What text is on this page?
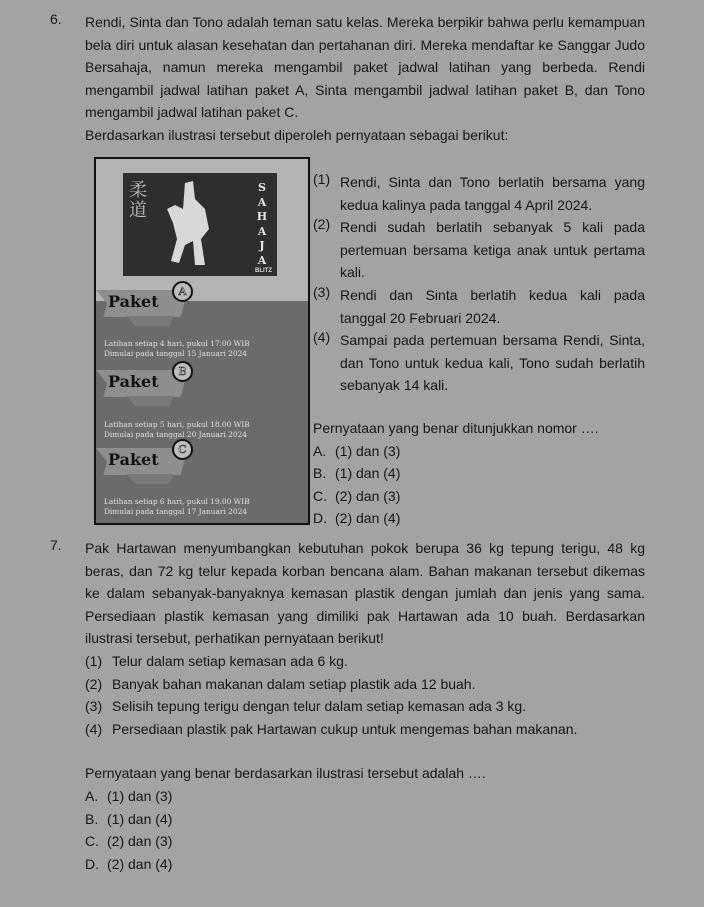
6. Rendi, Sinta dan Tono adalah teman satu kelas. Mereka berpikir bahwa perlu kemampuan
bela diri untuk alasan kesehatan dan pertahanan diri. Mereka mendaftar ke Sanggar Judo
Bersahaja, namun mereka mengambil paket jadwal latihan yang berbeda. Rendi
mengambil jadwal latihan paket A, Sinta mengambil jadwal latihan paket B, dan Tono
mengambil jadwal latihan paket C.
Berdasarkan ilustrasi tersebut diperoleh pernyataan sebagai berikut:
柔道
S
A
H
A
J
A
BLITZ
Paket
A
Latihan setiap 4 hari, pukul 17.00 WIB
Dimulai pada tanggal 15 Januari 2024
Paket
B
Latihan setiap 5 hari, pukul 18.00 WIB
Dimulai pada tanggal 20 Januari 2024
Paket
C
Latihan setiap 6 hari, pukul 19.00 WIB
Dimulai pada tanggal 17 Januari 2024
(1) Rendi, Sinta dan Tono berlatih bersama yang
kedua kalinya pada tanggal 4 April 2024.
(2) Rendi sudah berlatih sebanyak 5 kali pada
pertemuan bersama ketiga anak untuk pertama
kali.
(3) Rendi dan Sinta berlatih kedua kali pada
tanggal 20 Februari 2024.
(4) Sampai pada pertemuan bersama Rendi, Sinta,
dan Tono untuk kedua kali, Tono sudah berlatih
sebanyak 14 kali.
Pernyataan yang benar ditunjukkan nomor ….
A. (1) dan (3)
B. (1) dan (4)
C. (2) dan (3)
D. (2) dan (4)
7. Pak Hartawan menyumbangkan kebutuhan pokok berupa 36 kg tepung terigu, 48 kg
beras, dan 72 kg telur kepada korban bencana alam. Bahan makanan tersebut dikemas
ke dalam sebanyak-banyaknya kemasan plastik dengan jumlah dan jenis yang sama.
Persediaan plastik kemasan yang dimiliki pak Hartawan ada 10 buah. Berdasarkan
ilustrasi tersebut, perhatikan pernyataan berikut!
(1) Telur dalam setiap kemasan ada 6 kg.
(2) Banyak bahan makanan dalam setiap plastik ada 12 buah.
(3) Selisih tepung terigu dengan telur dalam setiap kemasan ada 3 kg.
(4) Persediaan plastik pak Hartawan cukup untuk mengemas bahan makanan.
Pernyataan yang benar berdasarkan ilustrasi tersebut adalah ….
A. (1) dan (3)
B. (1) dan (4)
C. (2) dan (3)
D. (2) dan (4)
